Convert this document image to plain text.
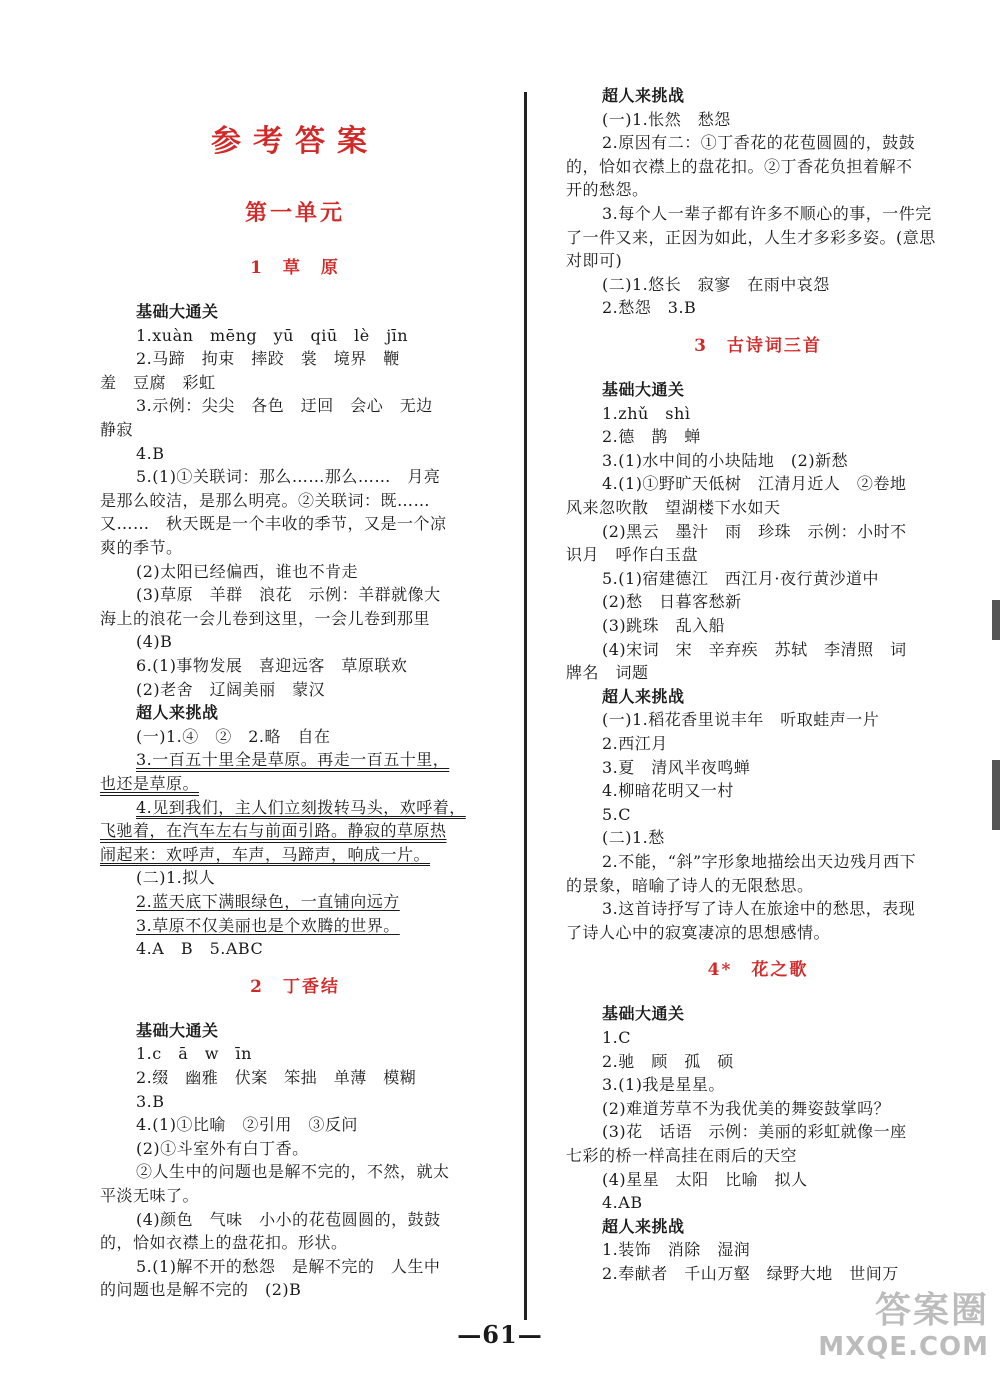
参考答案
第一单元
1　草　原
基础大通关
1.xuàn　mēng　yū　qiū　lè　jīn
2.马蹄　拘束　摔跤　裳　境界　鞭
羞　豆腐　彩虹
3.示例：尖尖　各色　迂回　会心　无边
静寂
4.B
5.(1)①关联词：那么……那么……　月亮
是那么皎洁，是那么明亮。②关联词：既……
又……　秋天既是一个丰收的季节，又是一个凉
爽的季节。
(2)太阳已经偏西，谁也不肯走
(3)草原　羊群　浪花　示例：羊群就像大
海上的浪花一会儿卷到这里，一会儿卷到那里
(4)B
6.(1)事物发展　喜迎远客　草原联欢
(2)老舍　辽阔美丽　蒙汉
超人来挑战
(一)1.④　②　2.略　自在
3.一百五十里全是草原。再走一百五十里，
也还是草原。
4.见到我们，主人们立刻拨转马头，欢呼着，
飞驰着，在汽车左右与前面引路。静寂的草原热
闹起来：欢呼声，车声，马蹄声，响成一片。
(二)1.拟人
2.蓝天底下满眼绿色，一直铺向远方
3.草原不仅美丽也是个欢腾的世界。
4.A　B　5.ABC
2　丁香结
基础大通关
1.c　ā　w　īn
2.缀　幽雅　伏案　笨拙　单薄　模糊
3.B
4.(1)①比喻　②引用　③反问
(2)①斗室外有白丁香。
②人生中的问题也是解不完的，不然，就太
平淡无味了。
(4)颜色　气味　小小的花苞圆圆的，鼓鼓
的，恰如衣襟上的盘花扣。形状。
5.(1)解不开的愁怨　是解不完的　人生中
的问题也是解不完的　(2)B
超人来挑战
(一)1.怅然　愁怨
2.原因有二：①丁香花的花苞圆圆的，鼓鼓
的，恰如衣襟上的盘花扣。②丁香花负担着解不
开的愁怨。
3.每个人一辈子都有许多不顺心的事，一件完
了一件又来，正因为如此，人生才多彩多姿。(意思
对即可)
(二)1.悠长　寂寥　在雨中哀怨
2.愁怨　3.B
3　古诗词三首
基础大通关
1.zhǔ　shì
2.德　鹊　蝉
3.(1)水中间的小块陆地　(2)新愁
4.(1)①野旷天低树　江清月近人　②卷地
风来忽吹散　望湖楼下水如天
(2)黑云　墨汁　雨　珍珠　示例：小时不
识月　呼作白玉盘
5.(1)宿建德江　西江月·夜行黄沙道中
(2)愁　日暮客愁新
(3)跳珠　乱入船
(4)宋词　宋　辛弃疾　苏轼　李清照　词
牌名　词题
超人来挑战
(一)1.稻花香里说丰年　听取蛙声一片
2.西江月
3.夏　清风半夜鸣蝉
4.柳暗花明又一村
5.C
(二)1.愁
2.不能，“斜”字形象地描绘出天边残月西下
的景象，暗喻了诗人的无限愁思。
3.这首诗抒写了诗人在旅途中的愁思，表现
了诗人心中的寂寞凄凉的思想感情。
4*　花之歌
基础大通关
1.C
2.驰　顾　孤　硕
3.(1)我是星星。
(2)难道芳草不为我优美的舞姿鼓掌吗？
(3)花　话语　示例：美丽的彩虹就像一座
七彩的桥一样高挂在雨后的天空
(4)星星　太阳　比喻　拟人
4.AB
超人来挑战
1.装饰　消除　湿润
2.奉献者　千山万壑　绿野大地　世间万
—61—
答案圈
MXQE.COM
